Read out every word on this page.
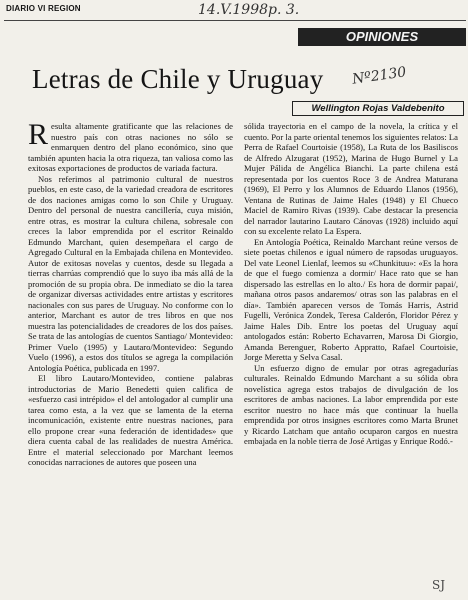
DIARIO VI REGION	14.V.1998 p. 3.
OPINIONES
Letras de Chile y Uruguay Nº2130
Wellington Rojas Valdebenito

Resulta altamente gratificante que las relaciones de nuestro país con otras naciones no sólo se enmarquen dentro del plano económico, sino que también apunten hacia la otra riqueza, tan valiosa como las exitosas exportaciones de productos de variada factura.

Nos referimos al patrimonio cultural de nuestros pueblos, en este caso, de la variedad creadora de escritores de dos naciones amigas como lo son Chile y Uruguay. Dentro del personal de nuestra cancillería, cuya misión, entre otras, es mostrar la cultura chilena, sobresale con creces la labor emprendida por el escritor Reinaldo Edmundo Marchant, quien desempeñara el cargo de Agregado Cultural en la Embajada chilena en Montevideo. Autor de exitosas novelas y cuentos, desde su llegada a tierras charrúas comprendió que lo suyo iba más allá de la promoción de su propia obra. De inmediato se dio la tarea de organizar diversas actividades entre artistas y escritores nacionales con sus pares de Uruguay. No conforme con lo anterior, Marchant es autor de tres libros en que nos muestra las potencialidades de creadores de los dos países. Se trata de las antologías de cuentos Santiago/ Montevideo: Primer Vuelo (1995) y Lautaro/Montevideo: Segundo Vuelo (1996), a estos dos títulos se agrega la compilación Antología Poética, publicada en 1997.

El libro Lautaro/Montevideo, contiene palabras introductorias de Mario Benedetti quien califica de «esfuerzo casi intrépido» el del antologador al cumplir una tarea como esta, a la vez que se lamenta de la eterna incomunicación, existente entre nuestras naciones, para ello propone crear «una federación de identidades» que diera cuenta cabal de las realidades de nuestra América. Entre el material seleccionado por Marchant leemos conocidas narraciones de autores que poseen una

sólida trayectoria en el campo de la novela, la crítica y el cuento. Por la parte oriental tenemos los siguientes relatos: La Perra de Rafael Courtoisie (1958), La Ruta de los Basiliscos de Alfredo Alzugarat (1952), Marina de Hugo Burnel y La Mujer Pálida de Angélica Bianchi. La parte chilena está representada por los cuentos Roce 3 de Andrea Maturana (1969), El Perro y los Alumnos de Eduardo Llanos (1956), Ventana de Rutinas de Jaime Hales (1948) y El Chueco Maciel de Ramiro Rivas (1939). Cabe destacar la presencia del narrador lautarino Lautaro Cánovas (1928) incluido aquí con su excelente relato La Espera.

En Antología Poética, Reinaldo Marchant reúne versos de siete poetas chilenos e igual número de rapsodas uruguayos. Del vate Leonel Lienlaf, leemos su «Chunkituu»: «Es la hora de que el fuego comienza a dormir/ Hace rato que se han dispersado las estrellas en lo alto./ Es hora de dormir papai/, mañana otros pasos andaremos/ otras son las palabras en el día». También aparecen versos de Tomás Harris, Astrid Fugelli, Verónica Zondek, Teresa Calderón, Floridor Pérez y Jaime Hales Dib. Entre los poetas del Uruguay aquí antologados están: Roberto Echavarren, Marosa Di Giorgio, Amanda Berenguer, Roberto Appratto, Rafael Courtoisie, Jorge Meretta y Selva Casal.

Un esfuerzo digno de emular por otras agregadurías culturales. Reinaldo Edmundo Marchant a su sólida obra novelística agrega estos trabajos de divulgación de los escritores de ambas naciones. La labor emprendida por este escritor nuestro no hace más que continuar la huella emprendida por otros insignes escritores como Marta Brunet y Ricardo Latcham que antaño ocuparon cargos en nuestra embajada en la noble tierra de José Artigas y Enrique Rodó.-

SJ
